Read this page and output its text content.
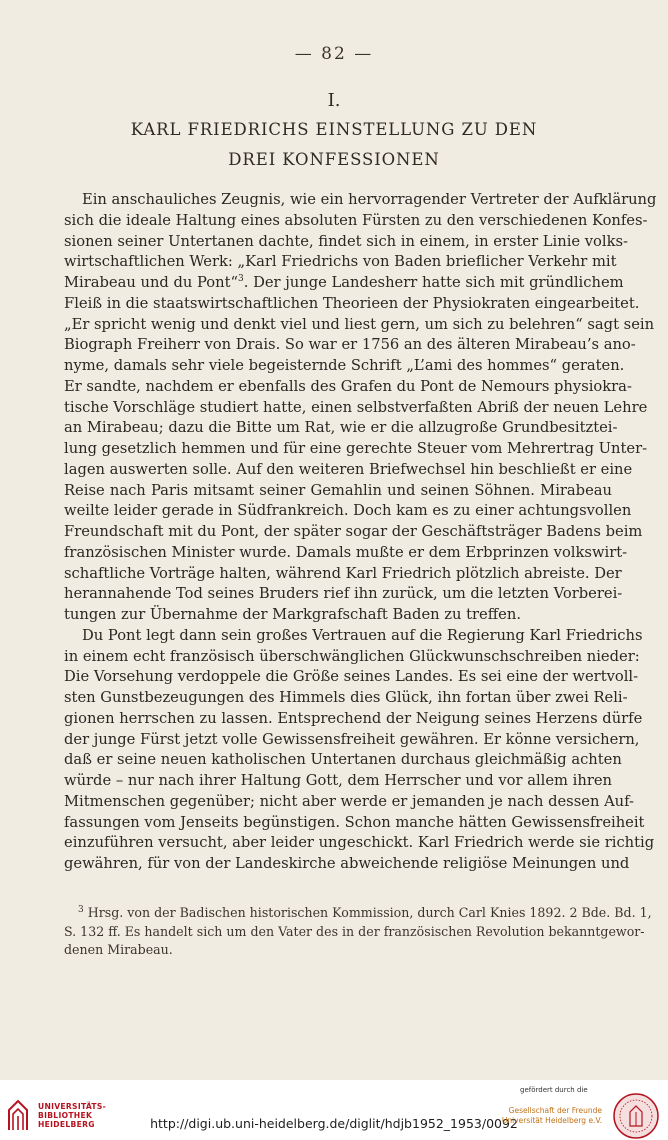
— 82 —
I.
KARL FRIEDRICHS EINSTELLUNG ZU DEN
DREI KONFESSIONEN
Ein anschauliches Zeugnis, wie ein hervorragender Vertreter der Aufklärung
sich die ideale Haltung eines absoluten Fürsten zu den verschiedenen Konfes-
sionen seiner Untertanen dachte, findet sich in einem, in erster Linie volks-
wirtschaftlichen Werk: „Karl Friedrichs von Baden brieflicher Verkehr mit
Mirabeau und du Pont“$^3$. Der junge Landesherr hatte sich mit gründlichem
Fleiß in die staatswirtschaftlichen Theorieen der Physiokraten eingearbeitet.
„Er spricht wenig und denkt viel und liest gern, um sich zu belehren“ sagt sein
Biograph Freiherr von Drais. So war er 1756 an des älteren Mirabeau’s ano-
nyme, damals sehr viele begeisternde Schrift „L’ami des hommes“ geraten.
Er sandte, nachdem er ebenfalls des Grafen du Pont de Nemours physiokra-
tische Vorschläge studiert hatte, einen selbstverfaßten Abriß der neuen Lehre
an Mirabeau; dazu die Bitte um Rat, wie er die allzugroße Grundbesitztei-
lung gesetzlich hemmen und für eine gerechte Steuer vom Mehrertrag Unter-
lagen auswerten solle. Auf den weiteren Briefwechsel hin beschließt er eine
Reise nach Paris mitsamt seiner Gemahlin und seinen Söhnen. Mirabeau
weilte leider gerade in Südfrankreich. Doch kam es zu einer achtungsvollen
Freundschaft mit du Pont, der später sogar der Geschäftsträger Badens beim
französischen Minister wurde. Damals mußte er dem Erbprinzen volkswirt-
schaftliche Vorträge halten, während Karl Friedrich plötzlich abreiste. Der
herannahende Tod seines Bruders rief ihn zurück, um die letzten Vorberei-
tungen zur Übernahme der Markgrafschaft Baden zu treffen.
Du Pont legt dann sein großes Vertrauen auf die Regierung Karl Friedrichs
in einem echt französisch überschwänglichen Glückwunschschreiben nieder:
Die Vorsehung verdoppele die Größe seines Landes. Es sei eine der wertvoll-
sten Gunstbezeugungen des Himmels dies Glück, ihn fortan über zwei Reli-
gionen herrschen zu lassen. Entsprechend der Neigung seines Herzens dürfe
der junge Fürst jetzt volle Gewissensfreiheit gewähren. Er könne versichern,
daß er seine neuen katholischen Untertanen durchaus gleichmäßig achten
würde – nur nach ihrer Haltung Gott, dem Herrscher und vor allem ihren
Mitmenschen gegenüber; nicht aber werde er jemanden je nach dessen Auf-
fassungen vom Jenseits begünstigen. Schon manche hätten Gewissensfreiheit
einzuführen versucht, aber leider ungeschickt. Karl Friedrich werde sie richtig
gewähren, für von der Landeskirche abweichende religiöse Meinungen und
$^3$ Hrsg. von der Badischen historischen Kommission, durch Carl Knies 1892. 2 Bde. Bd. 1,
S. 132 ff. Es handelt sich um den Vater des in der französischen Revolution bekanntgewor-
denen Mirabeau.
UNIVERSITÄTS-
BIBLIOTHEK
HEIDELBERG	http://digi.ub.uni-heidelberg.de/diglit/hdjb1952_1953/0092
gefördert durch die
Gesellschaft der Freunde
Universität Heidelberg e.V.
